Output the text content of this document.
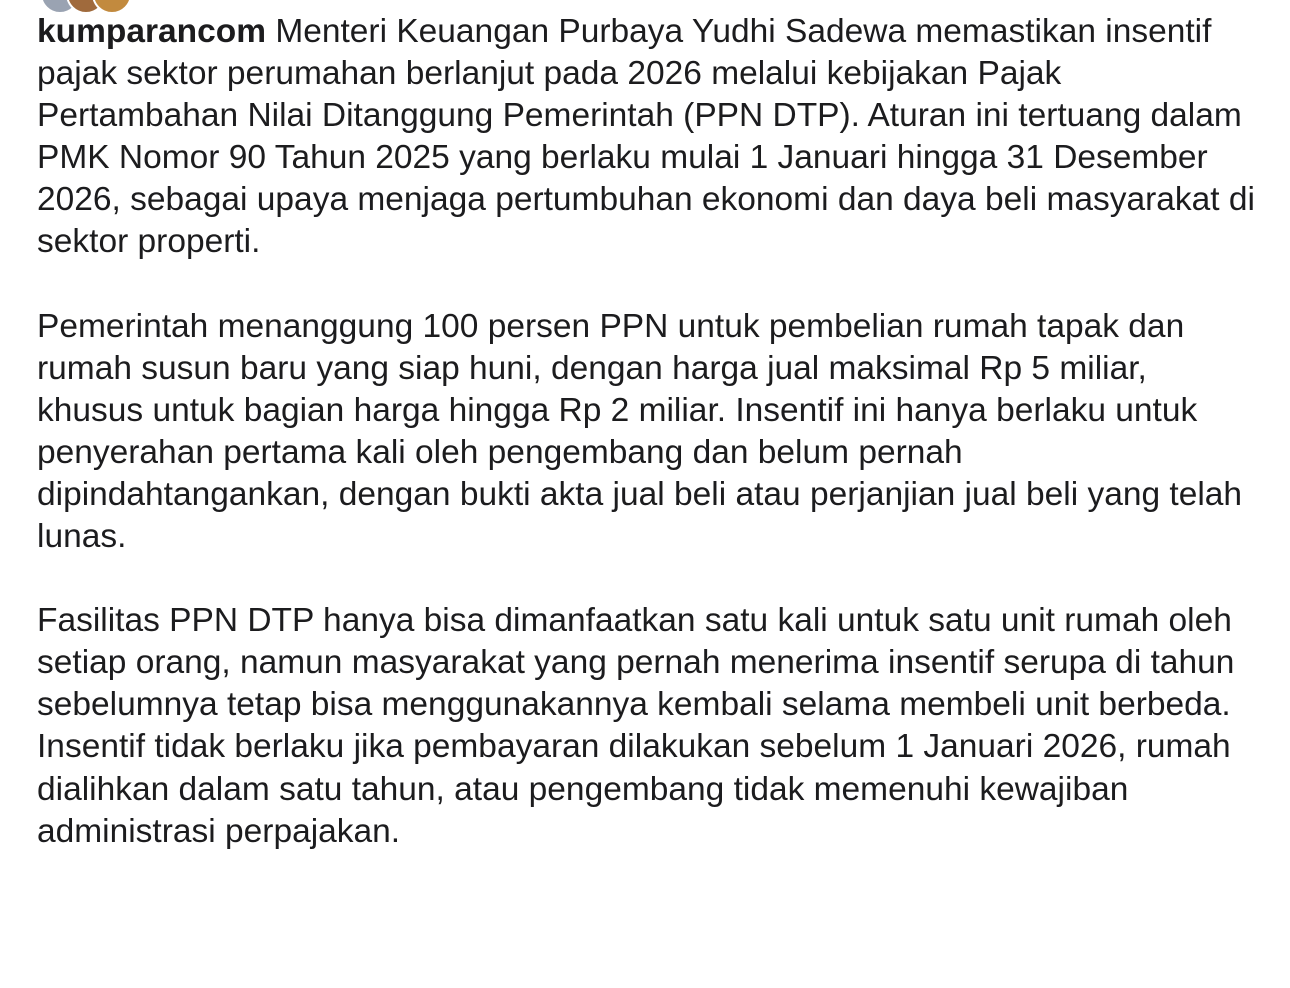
kumparancom Menteri Keuangan Purbaya Yudhi Sadewa memastikan insentif pajak sektor perumahan berlanjut pada 2026 melalui kebijakan Pajak Pertambahan Nilai Ditanggung Pemerintah (PPN DTP). Aturan ini tertuang dalam PMK Nomor 90 Tahun 2025 yang berlaku mulai 1 Januari hingga 31 Desember 2026, sebagai upaya menjaga pertumbuhan ekonomi dan daya beli masyarakat di sektor properti.

Pemerintah menanggung 100 persen PPN untuk pembelian rumah tapak dan rumah susun baru yang siap huni, dengan harga jual maksimal Rp 5 miliar, khusus untuk bagian harga hingga Rp 2 miliar. Insentif ini hanya berlaku untuk penyerahan pertama kali oleh pengembang dan belum pernah dipindahtangankan, dengan bukti akta jual beli atau perjanjian jual beli yang telah lunas.

Fasilitas PPN DTP hanya bisa dimanfaatkan satu kali untuk satu unit rumah oleh setiap orang, namun masyarakat yang pernah menerima insentif serupa di tahun sebelumnya tetap bisa menggunakannya kembali selama membeli unit berbeda. Insentif tidak berlaku jika pembayaran dilakukan sebelum 1 Januari 2026, rumah dialihkan dalam satu tahun, atau pengembang tidak memenuhi kewajiban administrasi perpajakan.
